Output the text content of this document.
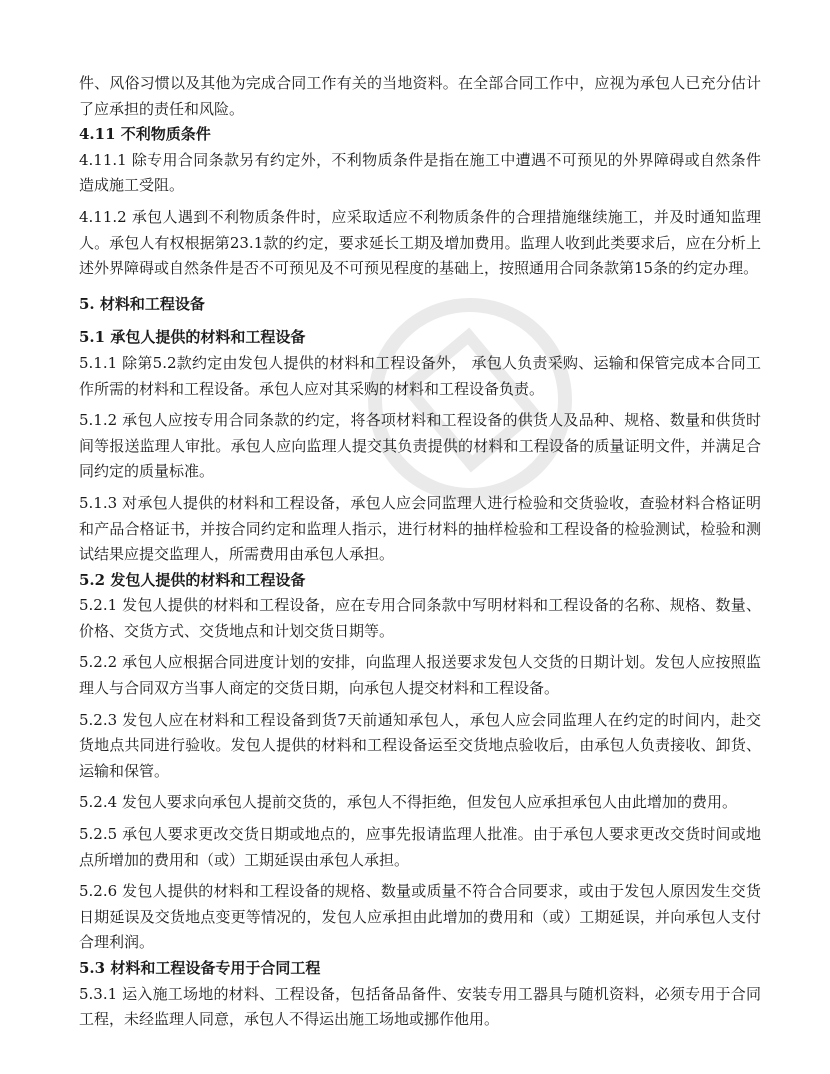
件、风俗习惯以及其他为完成合同工作有关的当地资料。在全部合同工作中，应视为承包人已充分估计了应承担的责任和风险。

4.11 不利物质条件

4.11.1 除专用合同条款另有约定外，不利物质条件是指在施工中遭遇不可预见的外界障碍或自然条件造成施工受阻。

4.11.2 承包人遇到不利物质条件时，应采取适应不利物质条件的合理措施继续施工，并及时通知监理人。承包人有权根据第23.1款的约定，要求延长工期及增加费用。监理人收到此类要求后，应在分析上述外界障碍或自然条件是否不可预见及不可预见程度的基础上，按照通用合同条款第15条的约定办理。

5. 材料和工程设备

5.1 承包人提供的材料和工程设备

5.1.1 除第5.2款约定由发包人提供的材料和工程设备外， 承包人负责采购、运输和保管完成本合同工作所需的材料和工程设备。承包人应对其采购的材料和工程设备负责。

5.1.2 承包人应按专用合同条款的约定，将各项材料和工程设备的供货人及品种、规格、数量和供货时间等报送监理人审批。承包人应向监理人提交其负责提供的材料和工程设备的质量证明文件，并满足合同约定的质量标准。

5.1.3 对承包人提供的材料和工程设备，承包人应会同监理人进行检验和交货验收，查验材料合格证明和产品合格证书，并按合同约定和监理人指示，进行材料的抽样检验和工程设备的检验测试，检验和测试结果应提交监理人，所需费用由承包人承担。

5.2 发包人提供的材料和工程设备

5.2.1 发包人提供的材料和工程设备，应在专用合同条款中写明材料和工程设备的名称、规格、数量、价格、交货方式、交货地点和计划交货日期等。

5.2.2 承包人应根据合同进度计划的安排，向监理人报送要求发包人交货的日期计划。发包人应按照监理人与合同双方当事人商定的交货日期，向承包人提交材料和工程设备。

5.2.3 发包人应在材料和工程设备到货7天前通知承包人，承包人应会同监理人在约定的时间内，赴交货地点共同进行验收。发包人提供的材料和工程设备运至交货地点验收后，由承包人负责接收、卸货、运输和保管。

5.2.4 发包人要求向承包人提前交货的，承包人不得拒绝，但发包人应承担承包人由此增加的费用。

5.2.5 承包人要求更改交货日期或地点的，应事先报请监理人批准。由于承包人要求更改交货时间或地点所增加的费用和（或）工期延误由承包人承担。

5.2.6 发包人提供的材料和工程设备的规格、数量或质量不符合合同要求，或由于发包人原因发生交货日期延误及交货地点变更等情况的，发包人应承担由此增加的费用和（或）工期延误，并向承包人支付合理利润。

5.3 材料和工程设备专用于合同工程

5.3.1 运入施工场地的材料、工程设备，包括备品备件、安装专用工器具与随机资料，必须专用于合同工程，未经监理人同意，承包人不得运出施工场地或挪作他用。
